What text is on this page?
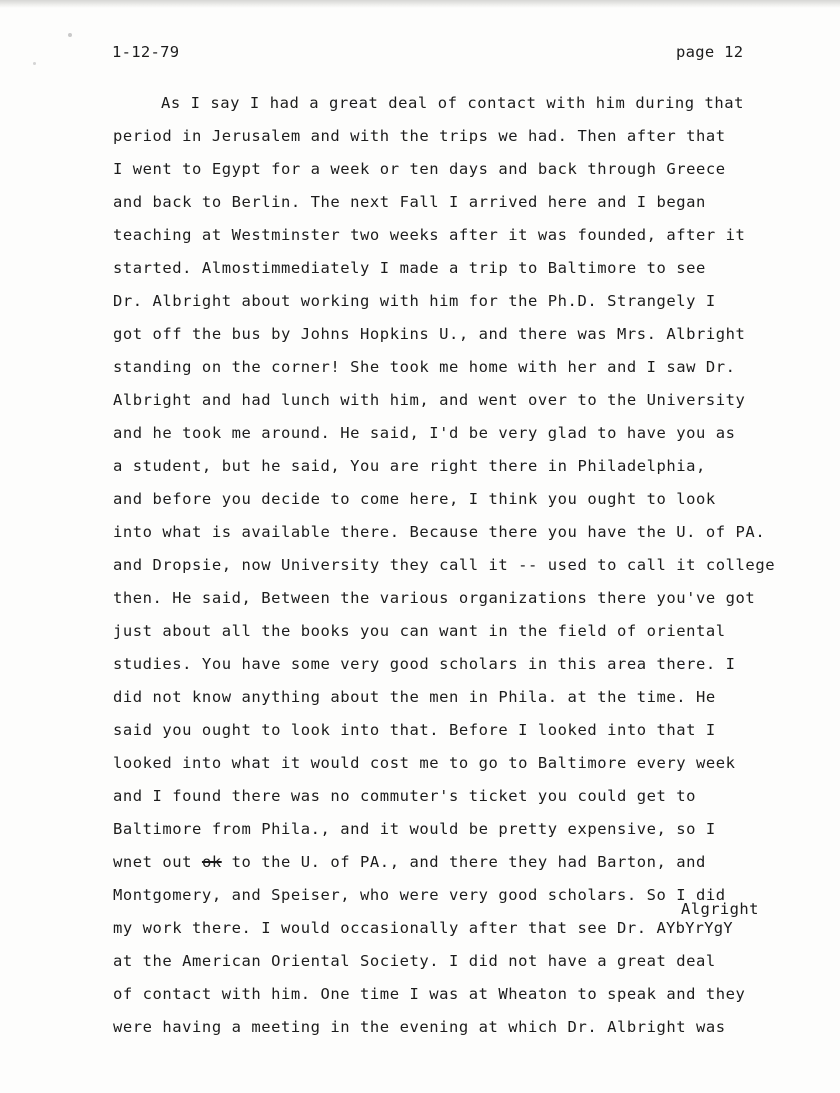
1-12-79	page 12
As I say I had a great deal of contact with him during that
period in Jerusalem and with the trips we had. Then after that
I went to Egypt for a week or ten days and back through Greece
and back to Berlin. The next Fall I arrived here and I began
teaching at Westminster two weeks after it was founded, after it
started. Almostimmediately I made a trip to Baltimore to see
Dr. Albright about working with him for the Ph.D. Strangely I
got off the bus by Johns Hopkins U., and there was Mrs. Albright
standing on the corner! She took me home with her and I saw Dr.
Albright and had lunch with him, and went over to the University
and he took me around. He said, I'd be very glad to have you as
a student, but he said, You are right there in Philadelphia,
and before you decide to come here, I think you ought to look
into what is available there. Because there you have the U. of PA.
and Dropsie, now University they call it -- used to call it college
then. He said, Between the various organizations there you've got
just about all the books you can want in the field of oriental
studies. You have some very good scholars in this area there. I
did not know anything about the men in Phila. at the time. He
said you ought to look into that. Before I looked into that I
looked into what it would cost me to go to Baltimore every week
and I found there was no commuter's ticket you could get to
Baltimore from Phila., and it would be pretty expensive, so I
wnet out ok to the U. of PA., and there they had Barton, and
Montgomery, and Speiser, who were very good scholars. So I did
Algright
my work there. I would occasionally after that see Dr. AYbYrYgY
at the American Oriental Society. I did not have a great deal
of contact with him. One time I was at Wheaton to speak and they
were having a meeting in the evening at which Dr. Albright was
